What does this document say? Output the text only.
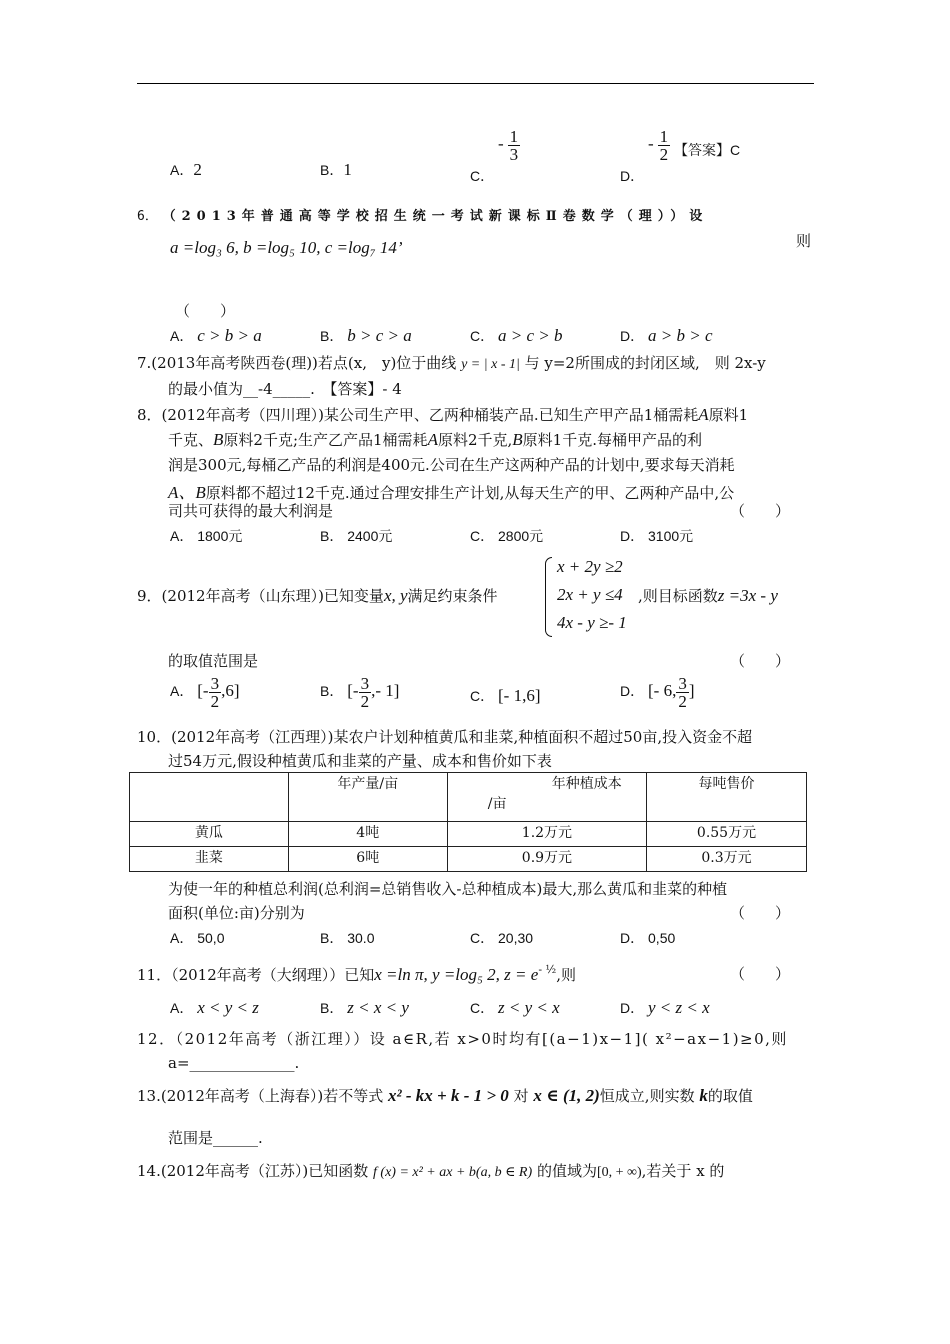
A．2	B．1	C． - $\frac{1}{3}$
D． - $\frac{1}{2}$ 【答案】C
6． （2013年普通高等学校招生统一考试新课标Ⅱ卷数学（理））设
则
a =log₃ 6, b =log₅ 10, c =log₇ 14’
（　　）
A． c > b > a	B． b > c > a	C． a > c > b	D． a > b > c
7.(2013年高考陕西卷(理))若点(x,　y)位于曲线 y = | x - 1| 与 y=2所围成的封闭区域,　则 2x-y
的最小值为__-4_____.　【答案】- 4
8．(2012年高考（四川理）)某公司生产甲、乙两种桶装产品.已知生产甲产品1桶需耗A原料1
千克、B原料2千克;生产乙产品1桶需耗A原料2千克,B原料1千克.每桶甲产品的利
润是300元,每桶乙产品的利润是400元.公司在生产这两种产品的计划中,要求每天消耗
A、B原料都不超过12千克.通过合理安排生产计划,从每天生产的甲、乙两种产品中,公
司共可获得的最大利润是	（　　）
A． 1800元	B． 2400元	C． 2800元	D． 3100元
9．(2012年高考（山东理）)已知变量x, y满足约束条件
x + 2y ≥2
2x + y ≤4
4x - y ≥- 1
,则目标函数z =3x - y
的取值范围是	（　　）
A． [- $\frac{3}{2} ,6$]	B． [- $\frac{3}{2}$ ,- 1]	C． [- 1,6]	D． [- 6, $\frac{3}{2}$ ]
10．(2012年高考（江西理）)某农户计划种植黄瓜和韭菜,种植面积不超过50亩,投入资金不超
过54万元,假设种植黄瓜和韭菜的产量、成本和售价如下表
	年产量/亩	年种植成本
/亩	每吨售价
黄瓜	4吨	1.2万元	0.55万元
韭菜	6吨	0.9万元	0.3万元
为使一年的种植总利润(总利润=总销售收入-总种植成本)最大,那么黄瓜和韭菜的种植
面积(单位:亩)分别为	（　　）
A． 50,0	B． 30.0	C． 20,30	D． 0,50
11．（2012年高考（大纲理））已知x =ln π, y =log₅ 2, $z = e^{- \frac{1}{2}}$,则	（　　）
A． x < y < z	B． z < x < y	C． z < y < x	D． y < z < x
12．（2012年高考（浙江理））设 a∈R,若 x>0时均有[(a−1)x−1]( x²−ax−1)≥0,则
a=______________.
13.(2012年高考（上海春）)若不等式 x² - kx + k - 1 > 0 对 x ∈ (1, 2)恒成立,则实数 k的取值
范围是______.
14.(2012年高考（江苏）)已知函数 f (x) = x² + ax + b(a, b ∈ R) 的值域为[0, + ∞),若关于 x 的
